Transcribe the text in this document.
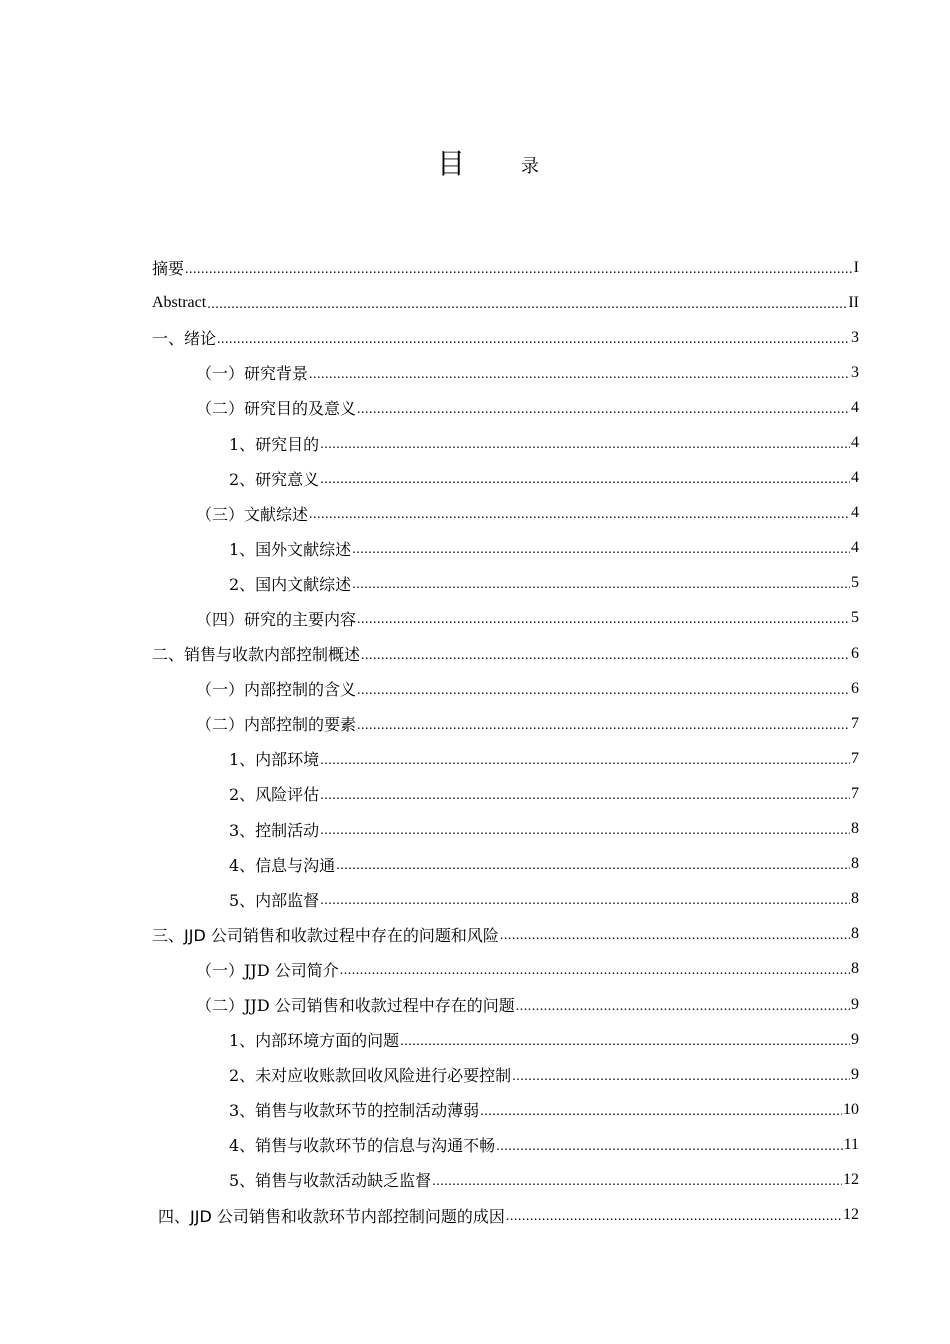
目	录
摘要 .....	I
Abstract .....	II
一、绪论 .....	3
（一）研究背景 .....	3
（二）研究目的及意义 .....	4
1、研究目的 .....	4
2、研究意义 .....	4
（三）文献综述 .....	4
1、国外文献综述 .....	4
2、国内文献综述 .....	5
（四）研究的主要内容 .....	5
二、销售与收款内部控制概述 .....	6
（一）内部控制的含义 .....	6
（二）内部控制的要素 .....	7
1、内部环境 .....	7
2、风险评估 .....	7
3、控制活动 .....	8
4、信息与沟通 .....	8
5、内部监督 .....	8
三、JJD 公司销售和收款过程中存在的问题和风险 .....	8
（一）JJD 公司简介 .....	8
（二）JJD 公司销售和收款过程中存在的问题 .....	9
1、内部环境方面的问题 .....	9
2、未对应收账款回收风险进行必要控制 .....	9
3、销售与收款环节的控制活动薄弱 .....	10
4、销售与收款环节的信息与沟通不畅 .....	11
5、销售与收款活动缺乏监督 .....	12
四、JJD 公司销售和收款环节内部控制问题的成因 .....	12
